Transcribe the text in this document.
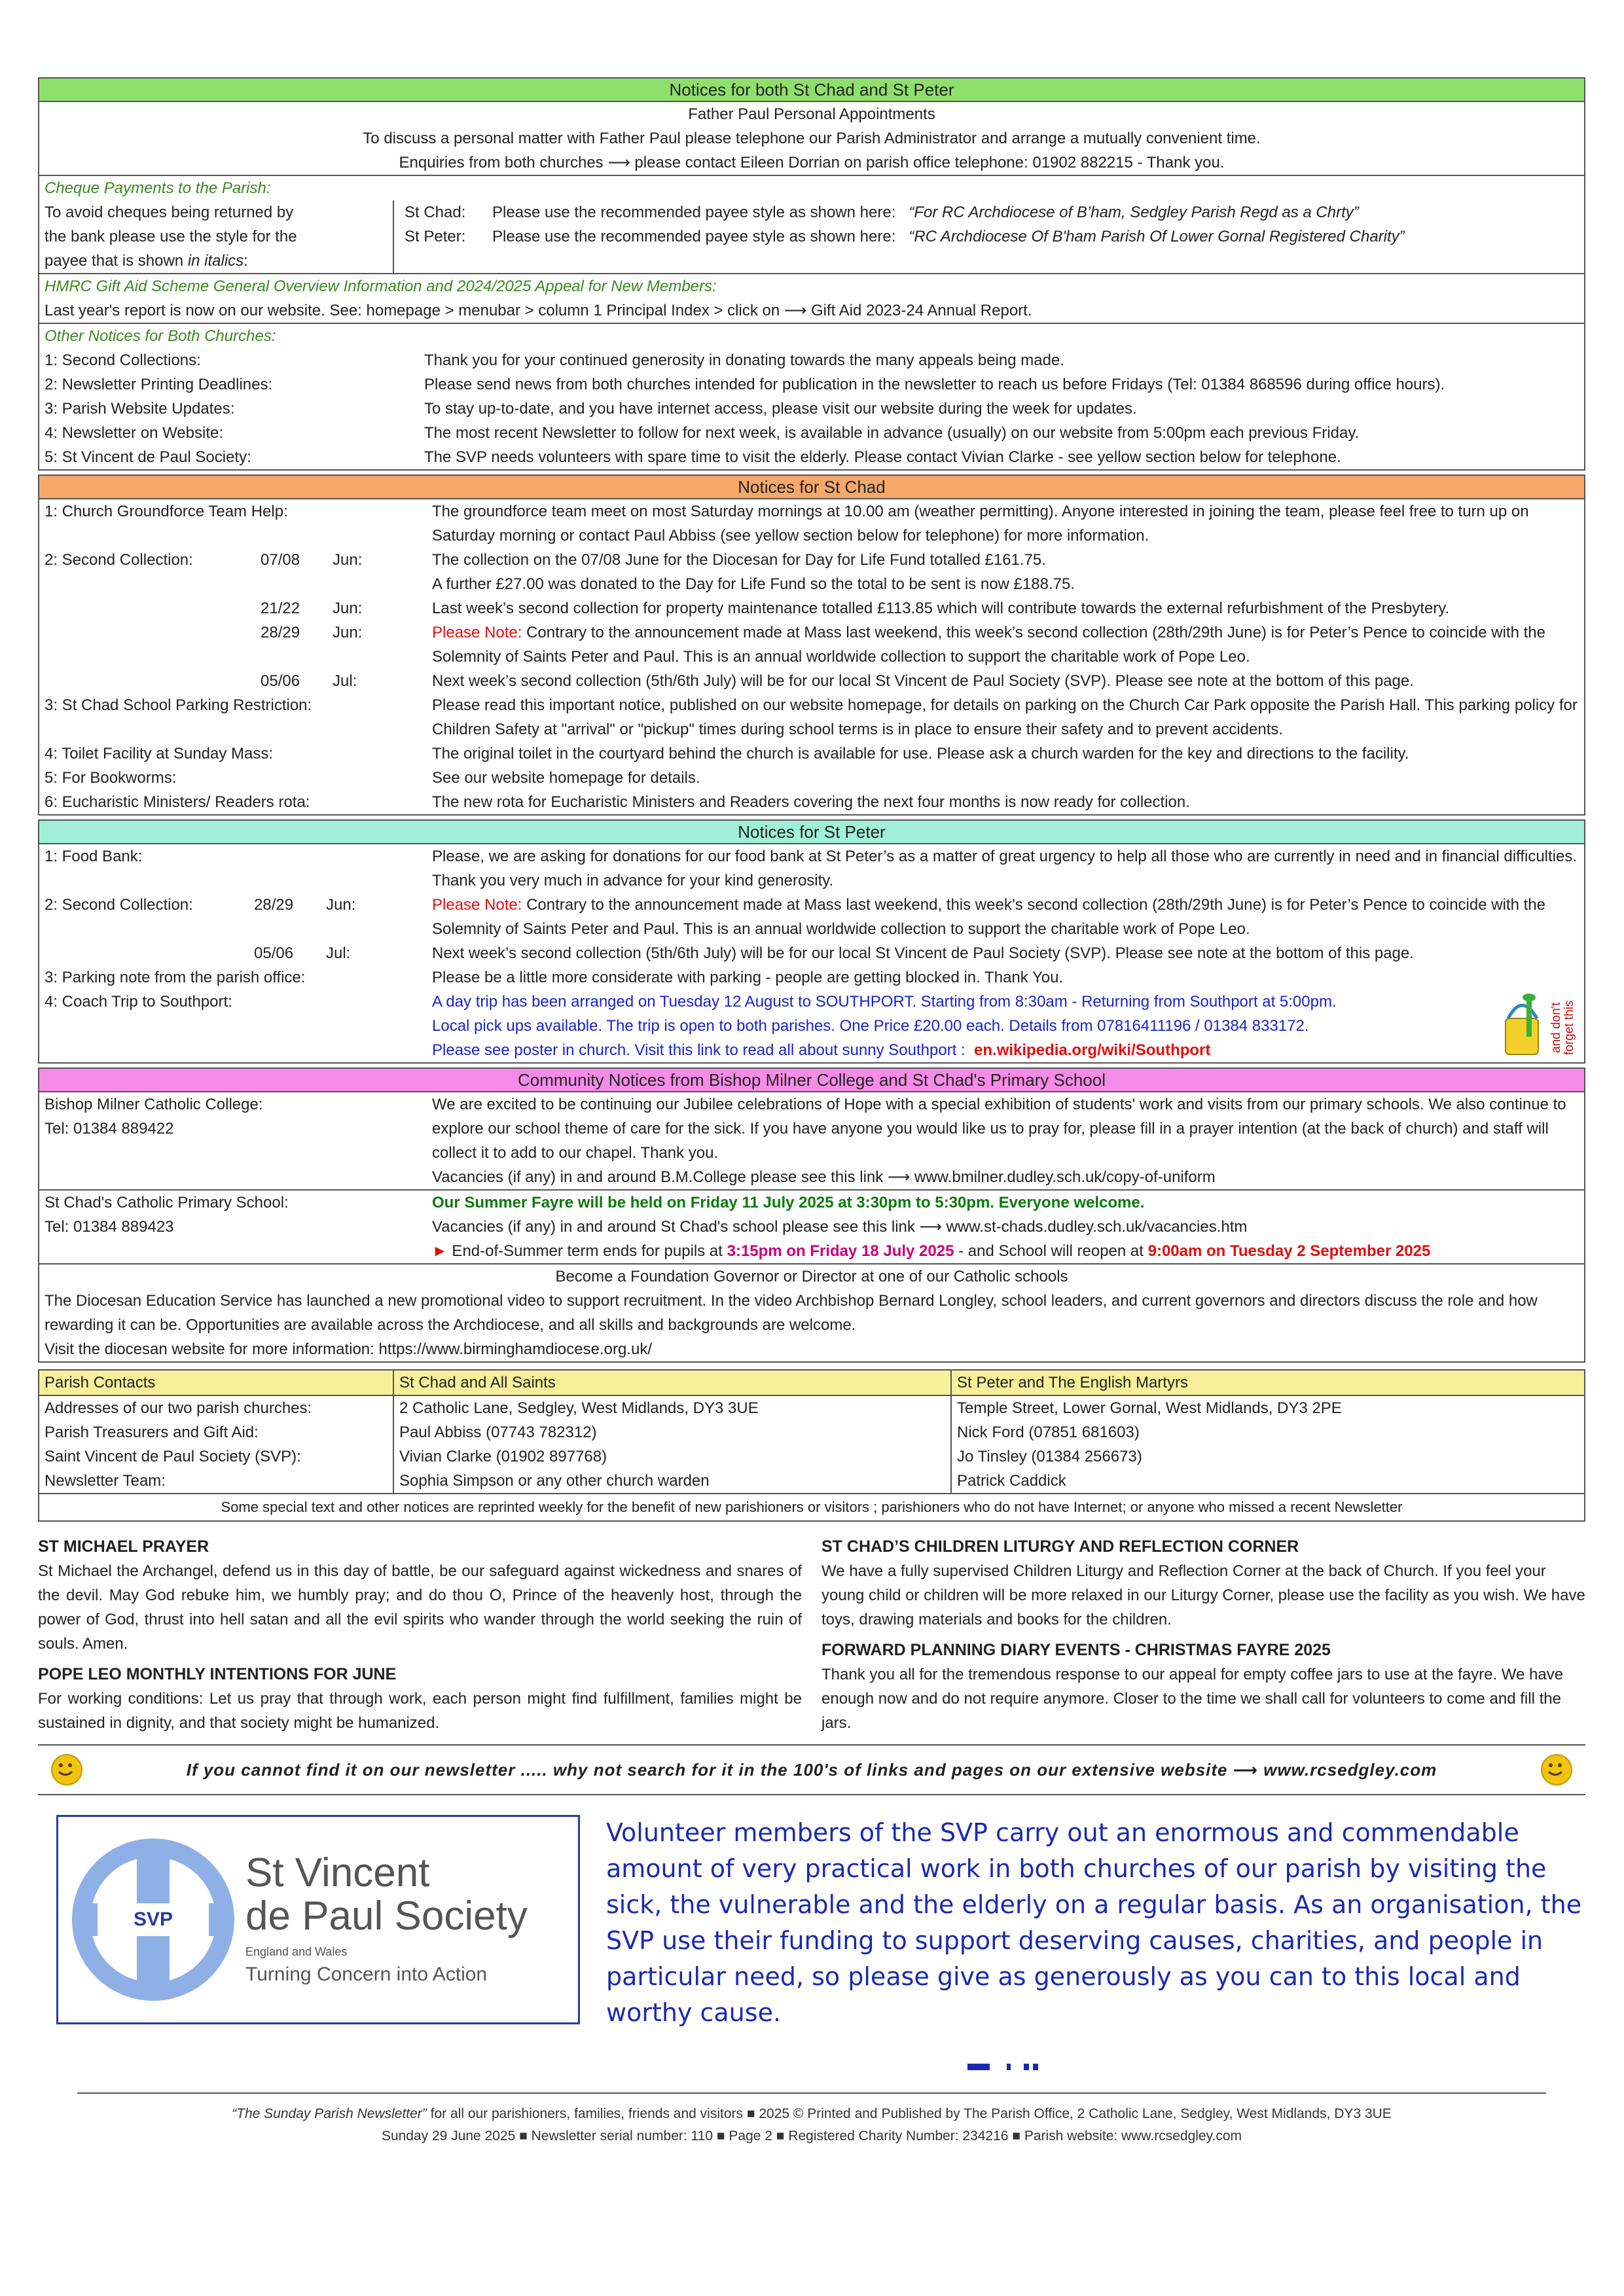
Notices for both St Chad and St Peter
Father Paul Personal Appointments
To discuss a personal matter with Father Paul please telephone our Parish Administrator and arrange a mutually convenient time.
Enquiries from both churches ⟶ please contact Eileen Dorrian on parish office telephone: 01902 882215 - Thank you.
Cheque Payments to the Parish:
To avoid cheques being returned by
the bank please use the style for the
payee that is shown in italics:
St Chad: Please use the recommended payee style as shown here: “For RC Archdiocese of B’ham, Sedgley Parish Regd as a Chrty”
St Peter: Please use the recommended payee style as shown here: “RC Archdiocese Of B'ham Parish Of Lower Gornal Registered Charity”
HMRC Gift Aid Scheme General Overview Information and 2024/2025 Appeal for New Members:
Last year's report is now on our website. See: homepage > menubar > column 1 Principal Index > click on ⟶ Gift Aid 2023-24 Annual Report.
Other Notices for Both Churches:
1: Second Collections:	Thank you for your continued generosity in donating towards the many appeals being made.
2: Newsletter Printing Deadlines:	Please send news from both churches intended for publication in the newsletter to reach us before Fridays (Tel: 01384 868596 during office hours).
3: Parish Website Updates:	To stay up-to-date, and you have internet access, please visit our website during the week for updates.
4: Newsletter on Website:	The most recent Newsletter to follow for next week, is available in advance (usually) on our website from 5:00pm each previous Friday.
5: St Vincent de Paul Society:	The SVP needs volunteers with spare time to visit the elderly. Please contact Vivian Clarke - see yellow section below for telephone.
Notices for St Chad
1: Church Groundforce Team Help:	The groundforce team meet on most Saturday mornings at 10.00 am (weather permitting). Anyone interested in joining the team, please feel free to turn up on Saturday morning or contact Paul Abbiss (see yellow section below for telephone) for more information.
2: Second Collection:	07/08	Jun:	The collection on the 07/08 June for the Diocesan for Day for Life Fund totalled £161.75.
A further £27.00 was donated to the Day for Life Fund so the total to be sent is now £188.75.
21/22	Jun:	Last week’s second collection for property maintenance totalled £113.85 which will contribute towards the external refurbishment of the Presbytery.
28/29	Jun:	Please Note: Contrary to the announcement made at Mass last weekend, this week’s second collection (28th/29th June) is for Peter’s Pence to coincide with the Solemnity of Saints Peter and Paul. This is an annual worldwide collection to support the charitable work of Pope Leo.
05/06	Jul:	Next week’s second collection (5th/6th July) will be for our local St Vincent de Paul Society (SVP). Please see note at the bottom of this page.
3: St Chad School Parking Restriction:	Please read this important notice, published on our website homepage, for details on parking on the Church Car Park opposite the Parish Hall. This parking policy for Children Safety at "arrival" or "pickup" times during school terms is in place to ensure their safety and to prevent accidents.
4: Toilet Facility at Sunday Mass:	The original toilet in the courtyard behind the church is available for use. Please ask a church warden for the key and directions to the facility.
5: For Bookworms:	See our website homepage for details.
6: Eucharistic Ministers/ Readers rota:	The new rota for Eucharistic Ministers and Readers covering the next four months is now ready for collection.
Notices for St Peter
1: Food Bank:	Please, we are asking for donations for our food bank at St Peter’s as a matter of great urgency to help all those who are currently in need and in financial difficulties. Thank you very much in advance for your kind generosity.
2: Second Collection:	28/29	Jun:	Please Note: Contrary to the announcement made at Mass last weekend, this week’s second collection (28th/29th June) is for Peter’s Pence to coincide with the Solemnity of Saints Peter and Paul. This is an annual worldwide collection to support the charitable work of Pope Leo.
05/06	Jul:	Next week’s second collection (5th/6th July) will be for our local St Vincent de Paul Society (SVP). Please see note at the bottom of this page.
3: Parking note from the parish office:	Please be a little more considerate with parking - people are getting blocked in. Thank You.
4: Coach Trip to Southport:	A day trip has been arranged on Tuesday 12 August to SOUTHPORT. Starting from 8:30am - Returning from Southport at 5:00pm.
Local pick ups available. The trip is open to both parishes. One Price £20.00 each. Details from 07816411196 / 01384 833172.
Please see poster in church. Visit this link to read all about sunny Southport : en.wikipedia.org/wiki/Southport	and don't forget this
Community Notices from Bishop Milner College and St Chad's Primary School
Bishop Milner Catholic College:
Tel: 01384 889422
We are excited to be continuing our Jubilee celebrations of Hope with a special exhibition of students' work and visits from our primary schools. We also continue to explore our school theme of care for the sick. If you have anyone you would like us to pray for, please fill in a prayer intention (at the back of church) and staff will collect it to add to our chapel. Thank you.
Vacancies (if any) in and around B.M.College please see this link ⟶ www.bmilner.dudley.sch.uk/copy-of-uniform
St Chad's Catholic Primary School:
Tel: 01384 889423
Our Summer Fayre will be held on Friday 11 July 2025 at 3:30pm to 5:30pm. Everyone welcome.
Vacancies (if any) in and around St Chad's school please see this link ⟶ www.st-chads.dudley.sch.uk/vacancies.htm
► End-of-Summer term ends for pupils at 3:15pm on Friday 18 July 2025 - and School will reopen at 9:00am on Tuesday 2 September 2025
Become a Foundation Governor or Director at one of our Catholic schools
The Diocesan Education Service has launched a new promotional video to support recruitment. In the video Archbishop Bernard Longley, school leaders, and current governors and directors discuss the role and how rewarding it can be. Opportunities are available across the Archdiocese, and all skills and backgrounds are welcome.
Visit the diocesan website for more information: https://www.birminghamdiocese.org.uk/
Parish Contacts	St Chad and All Saints	St Peter and The English Martyrs
Addresses of our two parish churches:	2 Catholic Lane, Sedgley, West Midlands, DY3 3UE	Temple Street, Lower Gornal, West Midlands, DY3 2PE
Parish Treasurers and Gift Aid:	Paul Abbiss (07743 782312)	Nick Ford (07851 681603)
Saint Vincent de Paul Society (SVP):	Vivian Clarke (01902 897768)	Jo Tinsley (01384 256673)
Newsletter Team:	Sophia Simpson or any other church warden	Patrick Caddick
Some special text and other notices are reprinted weekly for the benefit of new parishioners or visitors ; parishioners who do not have Internet; or anyone who missed a recent Newsletter
ST MICHAEL PRAYER
St Michael the Archangel, defend us in this day of battle, be our safeguard against wickedness and snares of the devil. May God rebuke him, we humbly pray; and do thou O, Prince of the heavenly host, through the power of God, thrust into hell satan and all the evil spirits who wander through the world seeking the ruin of souls. Amen.
POPE LEO MONTHLY INTENTIONS FOR JUNE
For working conditions: Let us pray that through work, each person might find fulfillment, families might be sustained in dignity, and that society might be humanized.
ST CHAD’S CHILDREN LITURGY AND REFLECTION CORNER
We have a fully supervised Children Liturgy and Reflection Corner at the back of Church. If you feel your young child or children will be more relaxed in our Liturgy Corner, please use the facility as you wish. We have toys, drawing materials and books for the children.
FORWARD PLANNING DIARY EVENTS - CHRISTMAS FAYRE 2025
Thank you all for the tremendous response to our appeal for empty coffee jars to use at the fayre. We have enough now and do not require anymore. Closer to the time we shall call for volunteers to come and fill the jars.
If you cannot find it on our newsletter ..... why not search for it in the 100's of links and pages on our extensive website ⟶ www.rcsedgley.com
SVP
St Vincent
de Paul Society
England and Wales
Turning Concern into Action
Volunteer members of the SVP carry out an enormous and commendable amount of very practical work in both churches of our parish by visiting the sick, the vulnerable and the elderly on a regular basis. As an organisation, the SVP use their funding to support deserving causes, charities, and people in particular need, so please give as generously as you can to this local and worthy cause.
“The Sunday Parish Newsletter” for all our parishioners, families, friends and visitors ■ 2025 © Printed and Published by The Parish Office, 2 Catholic Lane, Sedgley, West Midlands, DY3 3UE
Sunday 29 June 2025 ■ Newsletter serial number: 110 ■ Page 2 ■ Registered Charity Number: 234216 ■ Parish website: www.rcsedgley.com
